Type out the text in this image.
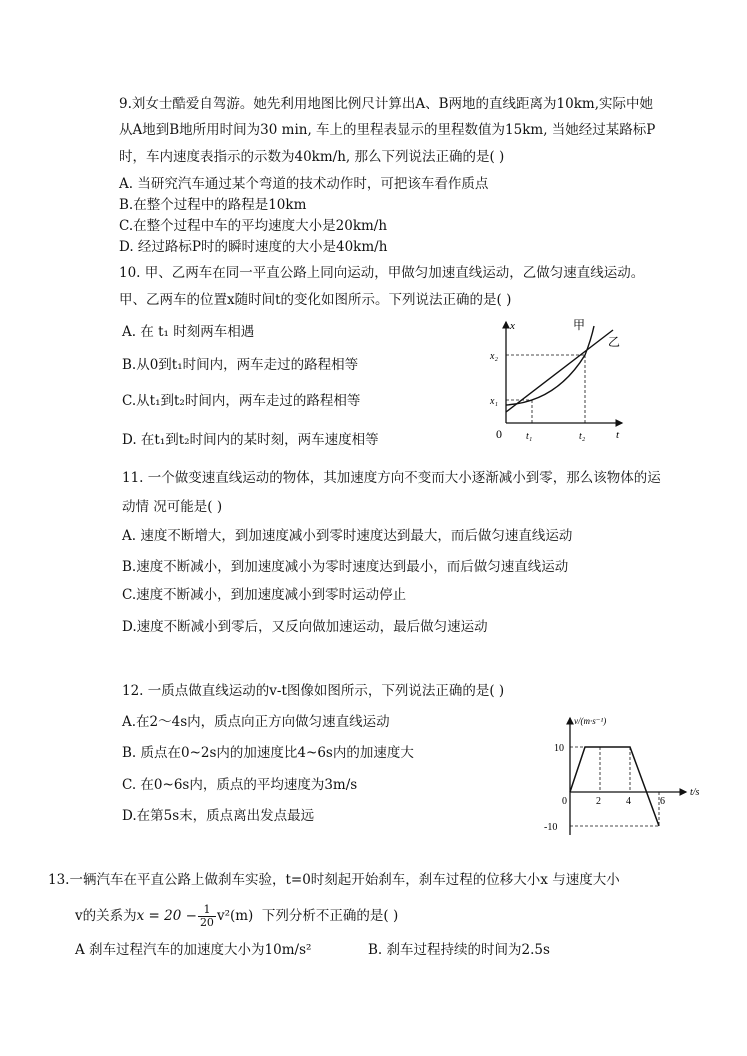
9.刘女士酷爱自驾游。她先利用地图比例尺计算出A、B两地的直线距离为10km,实际中她
从A地到B地所用时间为30 min, 车上的里程表显示的里程数值为15km, 当她经过某路标P
时，车内速度表指示的示数为40km/h, 那么下列说法正确的是( )
A. 当研究汽车通过某个弯道的技术动作时，可把该车看作质点
B.在整个过程中的路程是10km
C.在整个过程中车的平均速度大小是20km/h
D. 经过路标P时的瞬时速度的大小是40km/h
10. 甲、乙两车在同一平直公路上同向运动，甲做匀加速直线运动，乙做匀速直线运动。
甲、乙两车的位置x随时间t的变化如图所示。下列说法正确的是( )
A. 在 t₁ 时刻两车相遇
B.从0到t₁时间内，两车走过的路程相等
C.从t₁到t₂时间内，两车走过的路程相等
D. 在t₁到t₂时间内的某时刻，两车速度相等
x
t
0 t₁	t₂
x₁
x₂
甲
乙
11. 一个做变速直线运动的物体，其加速度方向不变而大小逐渐减小到零，那么该物体的运
动情 况可能是( )
A. 速度不断增大，到加速度减小到零时速度达到最大，而后做匀速直线运动
B.速度不断减小，到加速度减小为零时速度达到最小，而后做匀速直线运动
C.速度不断减小，到加速度减小到零时运动停止
D.速度不断减小到零后，又反向做加速运动，最后做匀速运动
12. 一质点做直线运动的v-t图像如图所示，下列说法正确的是( )
A.在2～4s内，质点向正方向做匀速直线运动
B. 质点在0~2s内的加速度比4~6s内的加速度大
C. 在0~6s内，质点的平均速度为3m/s
D.在第5s末，质点离出发点最远
v/(m·s⁻¹)
t/s
10
-10
0	2	4	6
13.一辆汽车在平直公路上做刹车实验，t=0时刻起开始刹车，刹车过程的位移大小x 与速度大小
v的关系为$x = 20 - \frac{1}{20} v^2(m)$ 下列分析不正确的是( )
A 刹车过程汽车的加速度大小为10m/s²	B. 刹车过程持续的时间为2.5s
